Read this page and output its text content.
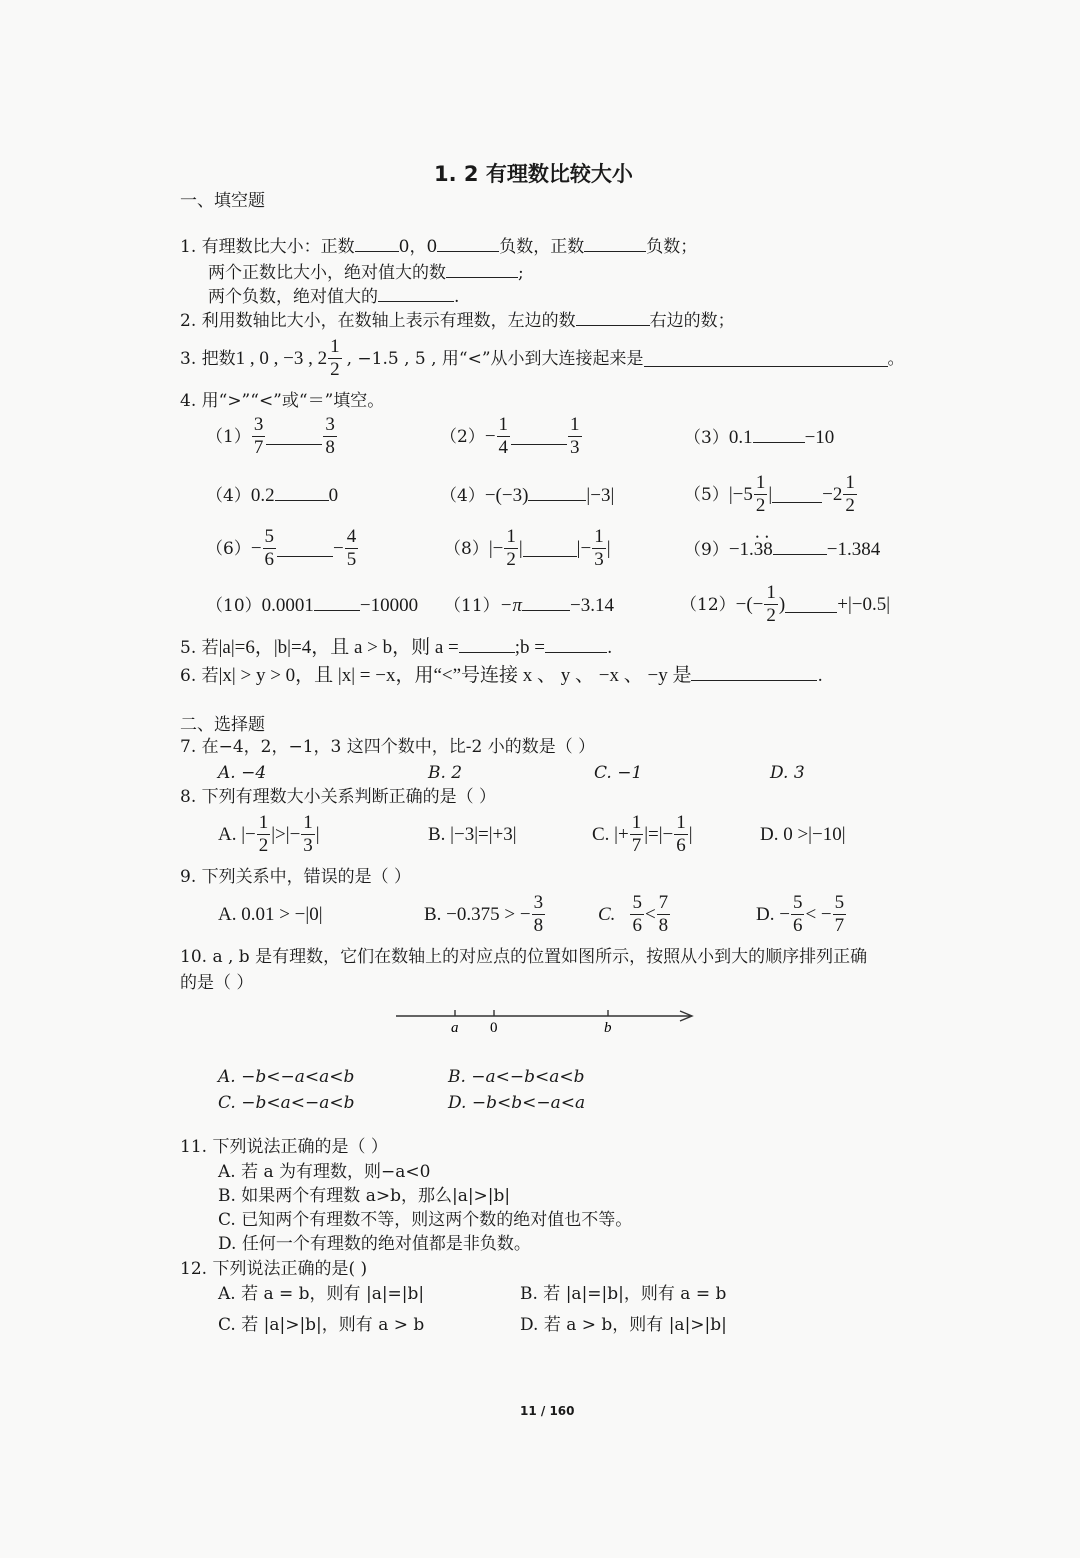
1. 2 有理数比较大小
一、填空题
1. 有理数比大小：正数	0，0	负数，正数	负数；
两个正数比大小，绝对值大的数	;
两个负数，绝对值大的	.
2. 利用数轴比大小，在数轴上表示有理数，左边的数	右边的数；
3. 把数 1 , 0 , −3 , $2 \frac{1}{2}$ , −1.5 , 5 , 用“<”从小到大连接起来是	。
4. 用“>”“<”或“＝”填空。
$(1) \frac{3}{7}$	$\frac{3}{8}$	$(2) - \frac{1}{4}$	$\frac{1}{3}$	（3）0.1	−10
（4）0.2	0	（4）−(−3)	|−3|	（5） $|-5 \frac{1}{2}$ |	$-2 \frac{1}{2}$
$(6) - \frac{5}{6}$	− $\frac{4}{5}$	（8） |− $\frac{1}{2}$ |	|− $\frac{1}{3}$ |	（9）−1.• 3• 8	−1.384
（10）0.0001 −10000 （11）−π	−3.14	（12） −(− $\frac{1}{2}$ )	+|−0.5|
5. 若|a|=6，|b|=4，且 a > b，则 a =	;b =	.
6. 若|x| > y > 0，且 |x| = −x，用“<”号连接 x 、 y 、 −x 、 −y 是	.
二、选择题
7. 在−4，2，−1，3 这四个数中，比-2 小的数是（ ）
A. −4	B. 2	C. −1	D. 3
8. 下列有理数大小关系判断正确的是（ ）
A. |− $\frac{1}{2}$ |>|− $\frac{1}{3}$ |	B. |−3|=|+3|	C. |+ $\frac{1}{7}$ |=|− $\frac{1}{6}$ |	D. 0 >|−10|
9. 下列关系中，错误的是（ ）
A. 0.01 > −|0|	B. −0.375 > − $\frac{3}{8}$	C. $\frac{5}{6} < \frac{7}{8}$	D. − $\frac{5}{6}$ < − $\frac{5}{7}$
10. a , b 是有理数，它们在数轴上的对应点的位置如图所示，按照从小到大的顺序排列正确
的是（ ）
a 0	b
A. −b<−a<a<b	B. −a<−b<a<b
C. −b<a<−a<b	D. −b<b<−a<a
11. 下列说法正确的是（ ）
A. 若 a 为有理数，则−a<0
B. 如果两个有理数 a>b，那么|a|>|b|
C. 已知两个有理数不等，则这两个数的绝对值也不等。
D. 任何一个有理数的绝对值都是非负数。
12. 下列说法正确的是( )
A. 若 a = b，则有 |a|=|b|	B. 若 |a|=|b|，则有 a = b
C. 若 |a|>|b|，则有 a > b	D. 若 a > b，则有 |a|>|b|
11 / 160
